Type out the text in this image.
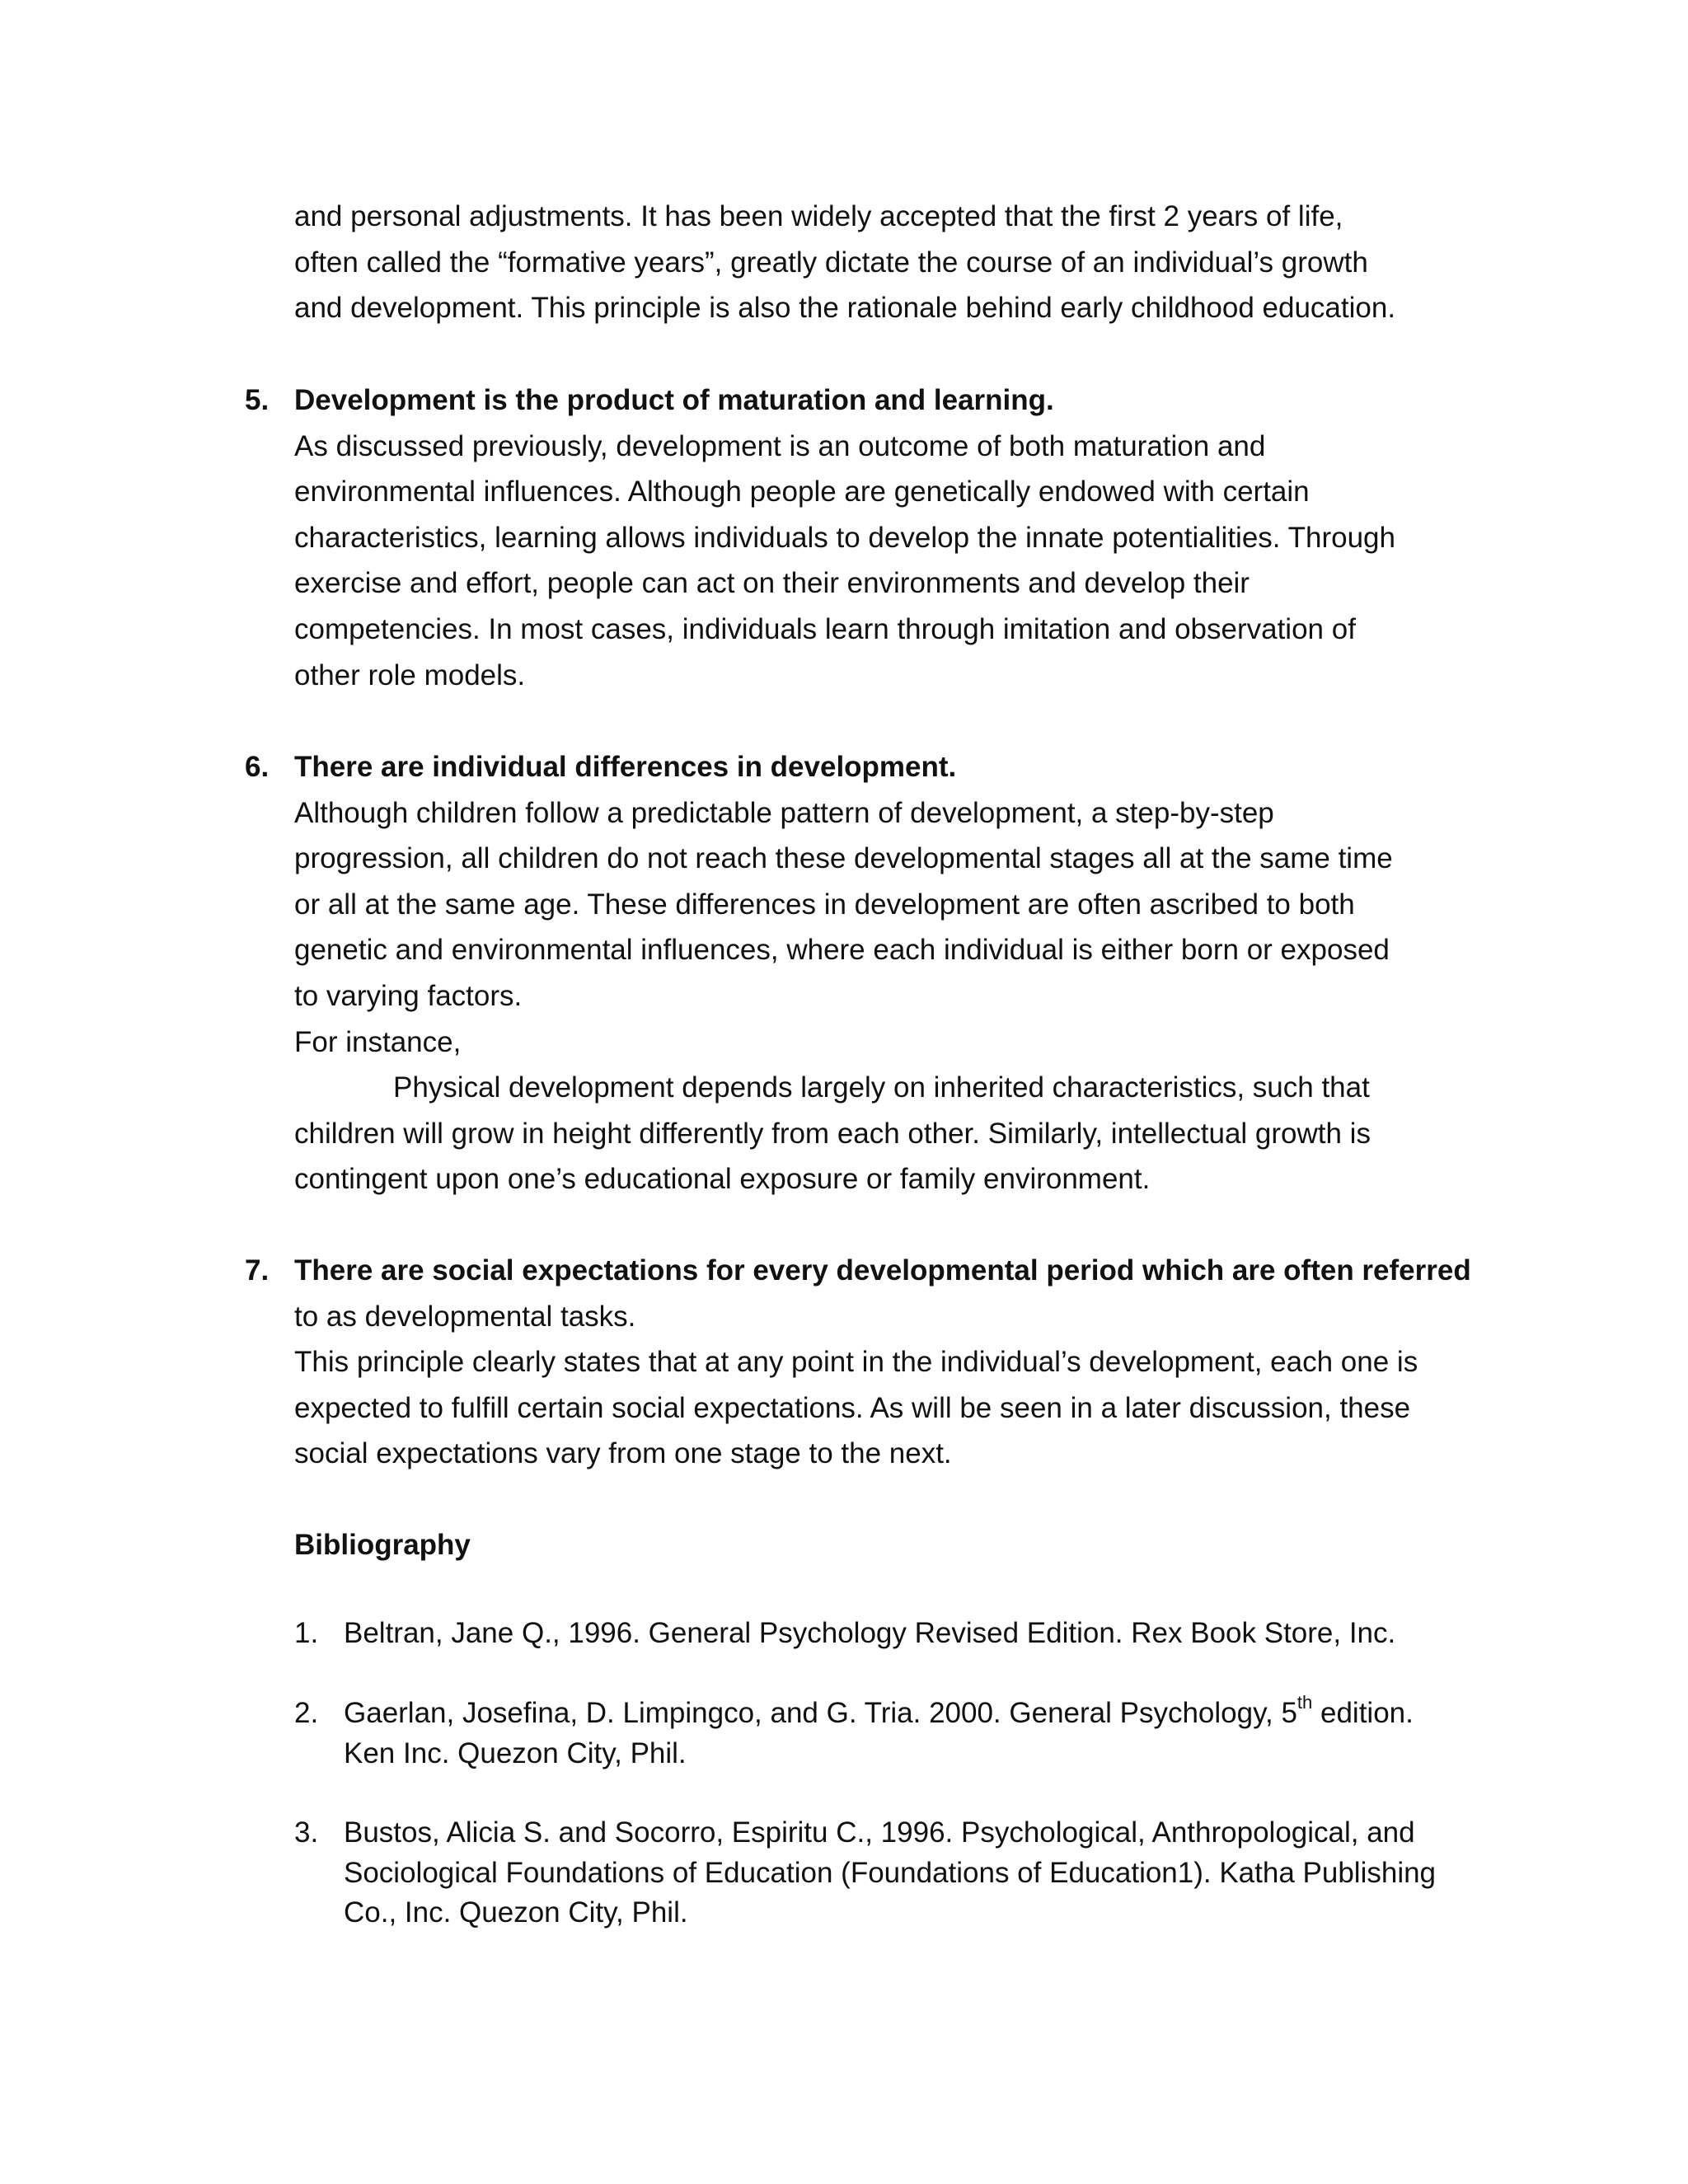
and personal adjustments. It has been widely accepted that the first 2 years of life,
often called the “formative years”, greatly dictate the course of an individual’s growth
and development. This principle is also the rationale behind early childhood education.
5. Development is the product of maturation and learning.
As discussed previously, development is an outcome of both maturation and
environmental influences. Although people are genetically endowed with certain
characteristics, learning allows individuals to develop the innate potentialities. Through
exercise and effort, people can act on their environments and develop their
competencies. In most cases, individuals learn through imitation and observation of
other role models.
6. There are individual differences in development.
Although children follow a predictable pattern of development, a step-by-step
progression, all children do not reach these developmental stages all at the same time
or all at the same age. These differences in development are often ascribed to both
genetic and environmental influences, where each individual is either born or exposed
to varying factors.
For instance,
Physical development depends largely on inherited characteristics, such that
children will grow in height differently from each other. Similarly, intellectual growth is
contingent upon one’s educational exposure or family environment.
7. There are social expectations for every developmental period which are often referred
to as developmental tasks.
This principle clearly states that at any point in the individual’s development, each one is
expected to fulfill certain social expectations. As will be seen in a later discussion, these
social expectations vary from one stage to the next.
Bibliography
1. Beltran, Jane Q., 1996. General Psychology Revised Edition. Rex Book Store, Inc.
2. Gaerlan, Josefina, D. Limpingco, and G. Tria. 2000. General Psychology, 5th edition.
Ken Inc. Quezon City, Phil.
3. Bustos, Alicia S. and Socorro, Espiritu C., 1996. Psychological, Anthropological, and
Sociological Foundations of Education (Foundations of Education1). Katha Publishing
Co., Inc. Quezon City, Phil.
